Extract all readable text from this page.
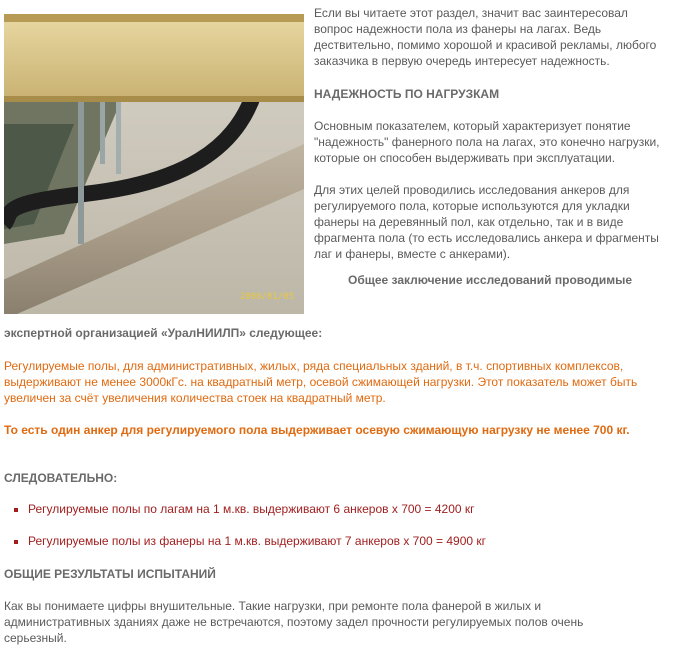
2006/01/05

Если вы читаете этот раздел, значит вас заинтересовал вопрос надежности пола из фанеры на лагах. Ведь дествительно, помимо хорошой и красивой рекламы, любого заказчика в первую очередь интересует надежность.

НАДЕЖНОСТЬ ПО НАГРУЗКАМ

Основным показателем, который характеризует понятие "надежность" фанерного пола на лагах, это конечно нагрузки, которые он способен выдерживать при эксплуатации.

Для этих целей проводились исследования анкеров для регулируемого пола, которые используются для укладки фанеры на деревянный пол, как отдельно, так и в виде фрагмента пола (то есть исследовались анкера и фрагменты лаг и фанеры, вместе с анкерами).

Общее заключение исследований проводимые

экспертной организацией «УралНИИЛП» следующее:

Регулируемые полы, для административных, жилых, ряда специальных зданий, в т.ч. спортивных комплексов, выдерживают не менее 3000кГс. на квадратный метр, осевой сжимающей нагрузки. Этот показатель может быть увеличен за счёт увеличения количества стоек на квадратный метр.

То есть один анкер для регулируемого пола выдерживает осевую сжимающую нагрузку не менее 700 кг.

СЛЕДОВАТЕЛЬНО:

Регулируемые полы по лагам на 1 м.кв. выдерживают 6 анкеров х 700 = 4200 кг
Регулируемые полы из фанеры на 1 м.кв. выдерживают 7 анкеров х 700 = 4900 кг

ОБЩИЕ РЕЗУЛЬТАТЫ ИСПЫТАНИЙ

Как вы понимаете цифры внушительные. Такие нагрузки, при ремонте пола фанерой в жилых и административных зданиях даже не встречаются, поэтому задел прочности регулируемых полов очень серьезный.
